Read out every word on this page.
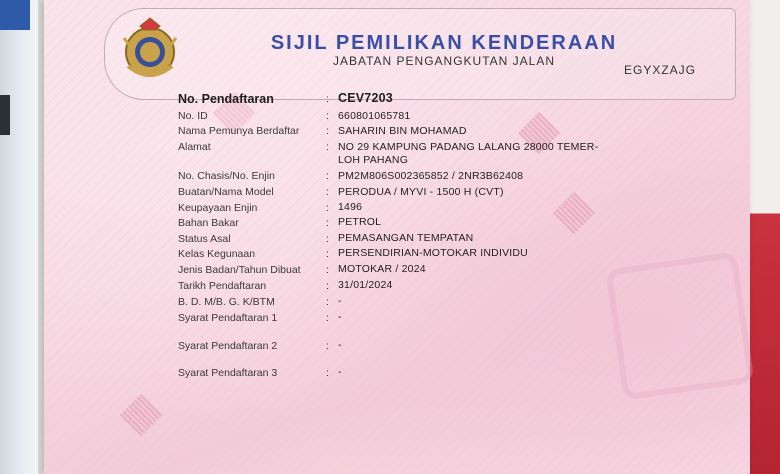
SIJIL PEMILIKAN KENDERAAN
JABATAN PENGANGKUTAN JALAN
EGYXZAJG
No. Pendaftaran	: CEV7203
No. ID	: 660801065781
Nama Pemunya Berdaftar	: SAHARIN BIN MOHAMAD
Alamat	: NO 29 KAMPUNG PADANG LALANG 28000 TEMER-
LOH PAHANG
No. Chasis/No. Enjin	: PM2M806S002365852 / 2NR3B62408
Buatan/Nama Model	: PERODUA / MYVI - 1500 H (CVT)
Keupayaan Enjin	: 1496
Bahan Bakar	: PETROL
Status Asal	: PEMASANGAN TEMPATAN
Kelas Kegunaan	: PERSENDIRIAN-MOTOKAR INDIVIDU
Jenis Badan/Tahun Dibuat : MOTOKAR / 2024
Tarikh Pendaftaran	: 31/01/2024
B. D. M/B. G. K/BTM	: -
Syarat Pendaftaran 1	: -
Syarat Pendaftaran 2	: -
Syarat Pendaftaran 3	: -
